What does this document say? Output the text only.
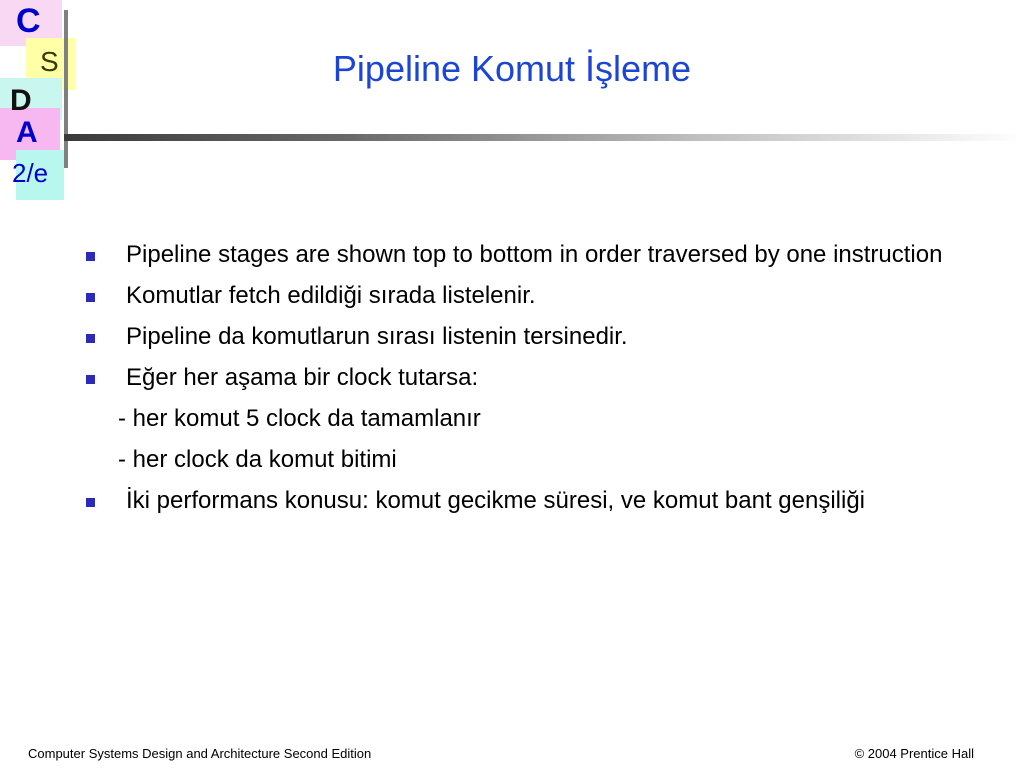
C
S
D
A
2/e
Pipeline Komut İşleme
Pipeline stages are shown top to bottom in order traversed by one instruction
Komutlar fetch edildiği sırada listelenir.
Pipeline da komutlarun sırası listenin tersinedir.
Eğer her aşama bir clock tutarsa:
- her komut 5 clock da tamamlanır
- her clock da komut bitimi
İki performans konusu: komut gecikme süresi, ve komut bant genşiliği
Computer Systems Design and Architecture Second Edition	© 2004 Prentice Hall
